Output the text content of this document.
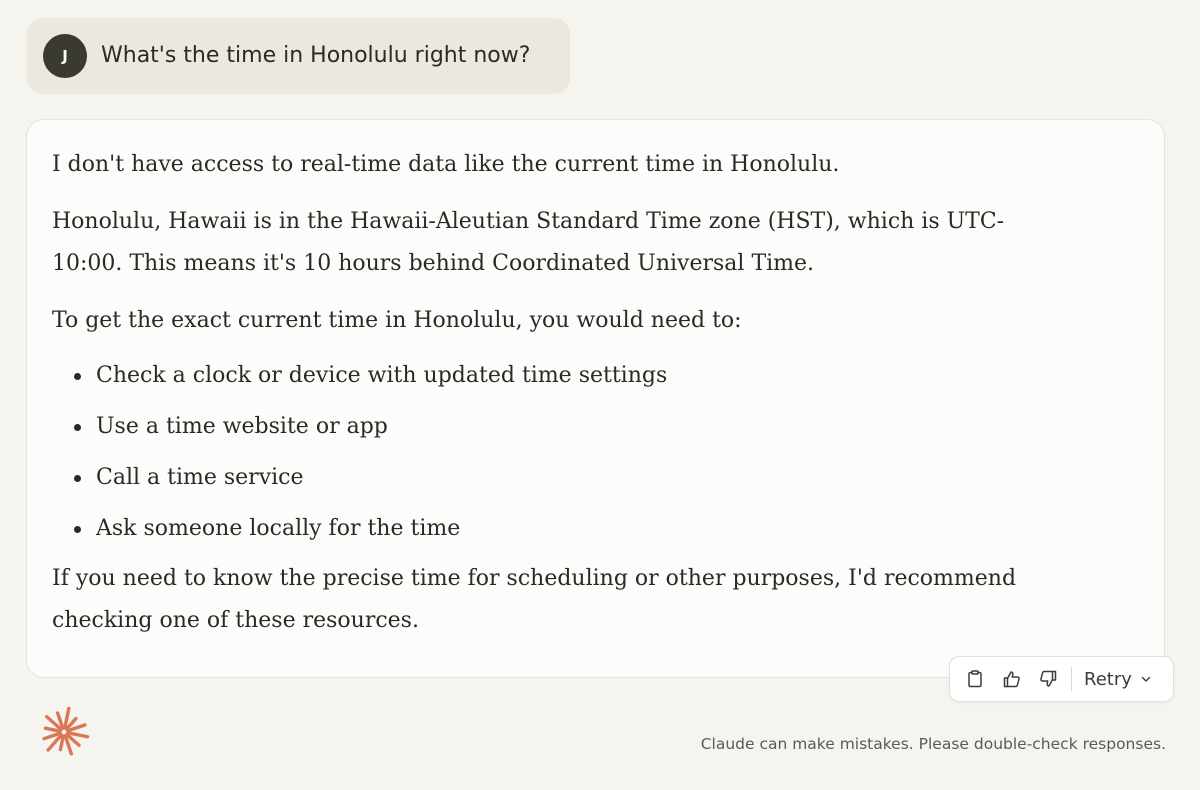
J	What's the time in Honolulu right now?

I don't have access to real-time data like the current time in Honolulu.

Honolulu, Hawaii is in the Hawaii-Aleutian Standard Time zone (HST), which is UTC-10:00. This means it's 10 hours behind Coordinated Universal Time.

To get the exact current time in Honolulu, you would need to:

Check a clock or device with updated time settings
Use a time website or app
Call a time service
Ask someone locally for the time

If you need to know the precise time for scheduling or other purposes, I'd recommend checking one of these resources.

Retry
Claude can make mistakes. Please double-check responses.
